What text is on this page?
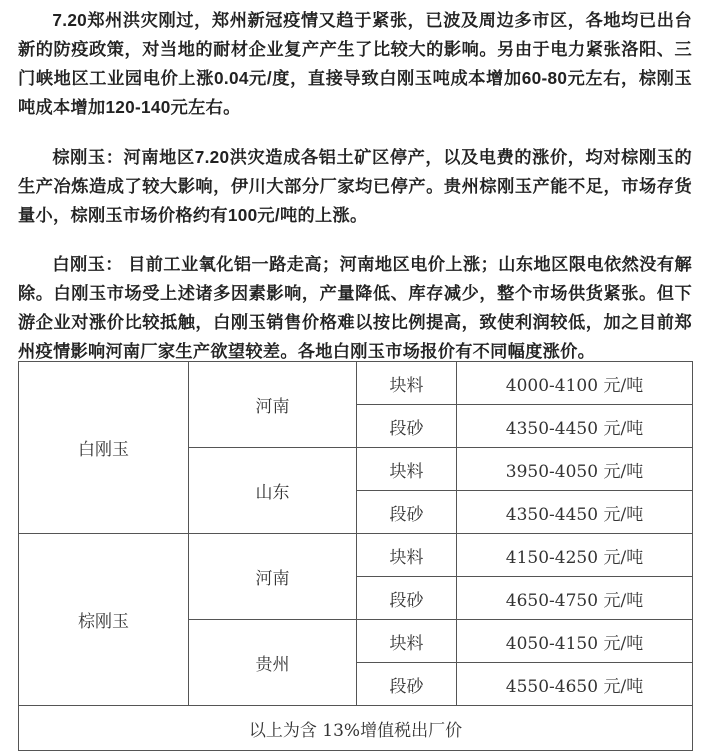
7.20郑州洪灾刚过，郑州新冠疫情又趋于紧张，已波及周边多市区，各地均已出台新的防疫政策，对当地的耐材企业复产产生了比较大的影响。另由于电力紧张洛阳、三门峡地区工业园电价上涨0.04元/度，直接导致白刚玉吨成本增加60-80元左右，棕刚玉吨成本增加120-140元左右。

棕刚玉：河南地区7.20洪灾造成各铝土矿区停产，以及电费的涨价，均对棕刚玉的生产冶炼造成了较大影响，伊川大部分厂家均已停产。贵州棕刚玉产能不足，市场存货量小，棕刚玉市场价格约有100元/吨的上涨。

白刚玉： 目前工业氧化铝一路走高；河南地区电价上涨；山东地区限电依然没有解除。白刚玉市场受上述诸多因素影响，产量降低、库存减少，整个市场供货紧张。但下游企业对涨价比较抵触，白刚玉销售价格难以按比例提高，致使利润较低，加之目前郑州疫情影响河南厂家生产欲望较差。各地白刚玉市场报价有不同幅度涨价。

白刚玉	河南	块料	4000-4100 元/吨
		段砂	4350-4450 元/吨
	山东	块料	3950-4050 元/吨
		段砂	4350-4450 元/吨
棕刚玉	河南	块料	4150-4250 元/吨
		段砂	4650-4750 元/吨
	贵州	块料	4050-4150 元/吨
		段砂	4550-4650 元/吨
以上为含 13%增值税出厂价			
